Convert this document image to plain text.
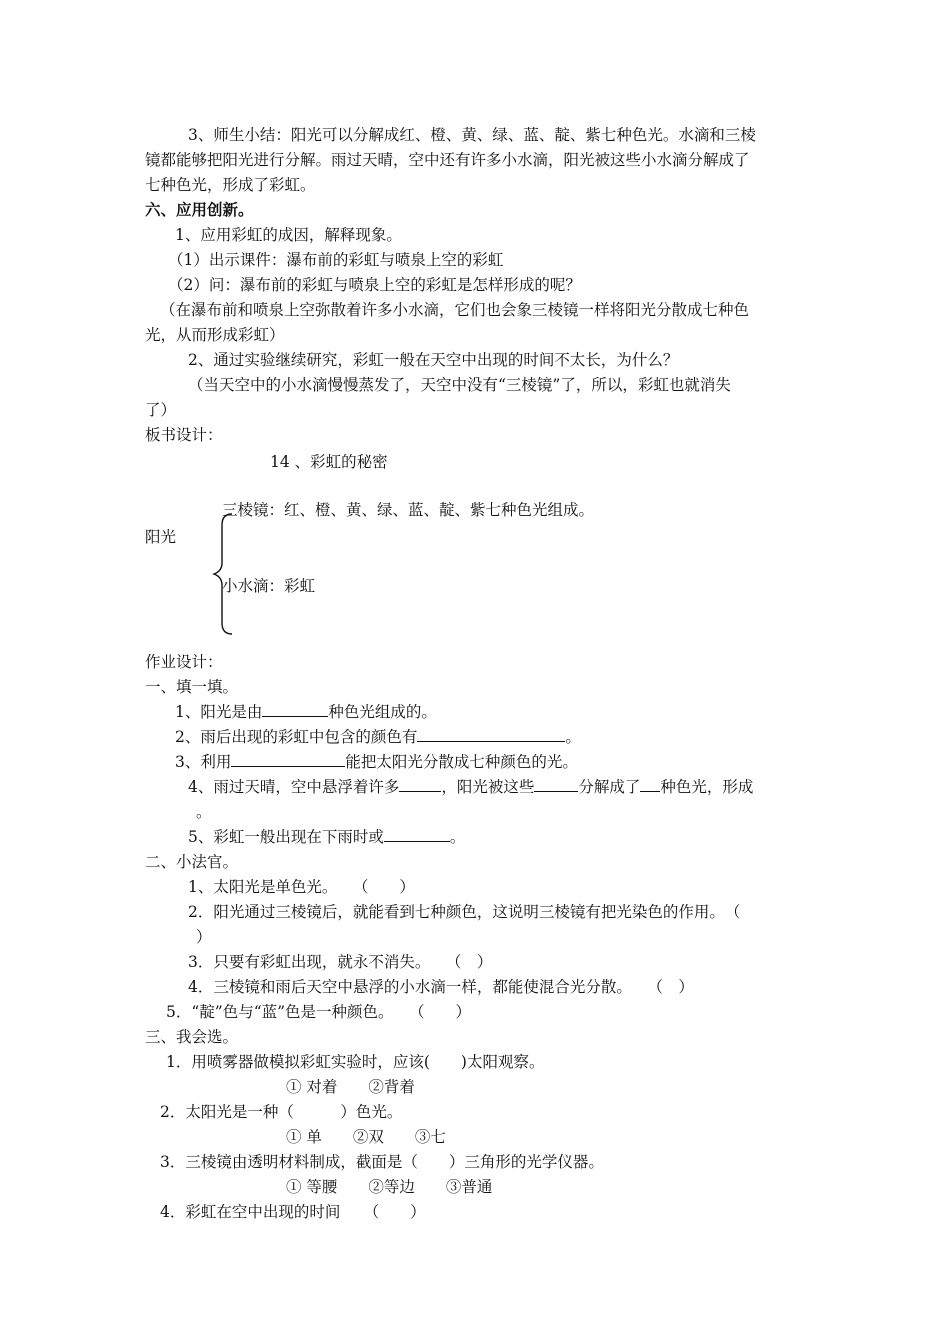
3、师生小结：阳光可以分解成红、橙、黄、绿、蓝、靛、紫七种色光。水滴和三棱
镜都能够把阳光进行分解。雨过天晴，空中还有许多小水滴，阳光被这些小水滴分解成了
七种色光，形成了彩虹。
六、应用创新。
1、应用彩虹的成因，解释现象。
（1）出示课件：瀑布前的彩虹与喷泉上空的彩虹
（2）问：瀑布前的彩虹与喷泉上空的彩虹是怎样形成的呢？
（在瀑布前和喷泉上空弥散着许多小水滴，它们也会象三棱镜一样将阳光分散成七种色
光，从而形成彩虹）
2、通过实验继续研究，彩虹一般在天空中出现的时间不太长，为什么？
（当天空中的小水滴慢慢蒸发了，天空中没有“三棱镜”了，所以，彩虹也就消失
了）
板书设计：
14 、彩虹的秘密
三棱镜：红、橙、黄、绿、蓝、靛、紫七种色光组成。
阳光
小水滴：彩虹
作业设计：
一、填一填。
1、阳光是由	种色光组成的。
2、雨后出现的彩虹中包含的颜色有	。
3、利用	能把太阳光分散成七种颜色的光。
4、雨过天晴，空中悬浮着许多	，阳光被这些	分解成了 种色光，形成
。
5、彩虹一般出现在下雨时或	。
二、小法官。
1、太阳光是单色光。　　（　　）
2．阳光通过三棱镜后，就能看到七种颜色，这说明三棱镜有把光染色的作用。　（
）
3．只要有彩虹出现，就永不消失。　　（　）
4．三棱镜和雨后天空中悬浮的小水滴一样，都能使混合光分散。　　（　）
5．“靛”色与“蓝”色是一种颜色。　　（　　）
三、我会选。
1．用喷雾器做模拟彩虹实验时，应该(　　)太阳观察。
① 对着　　②背着
2．太阳光是一种（　　　）色光。
① 单　　②双　　③七
3．三棱镜由透明材料制成，截面是（　　）三角形的光学仪器。
① 等腰　　②等边　　③普通
4．彩虹在空中出现的时间　　（　　）
